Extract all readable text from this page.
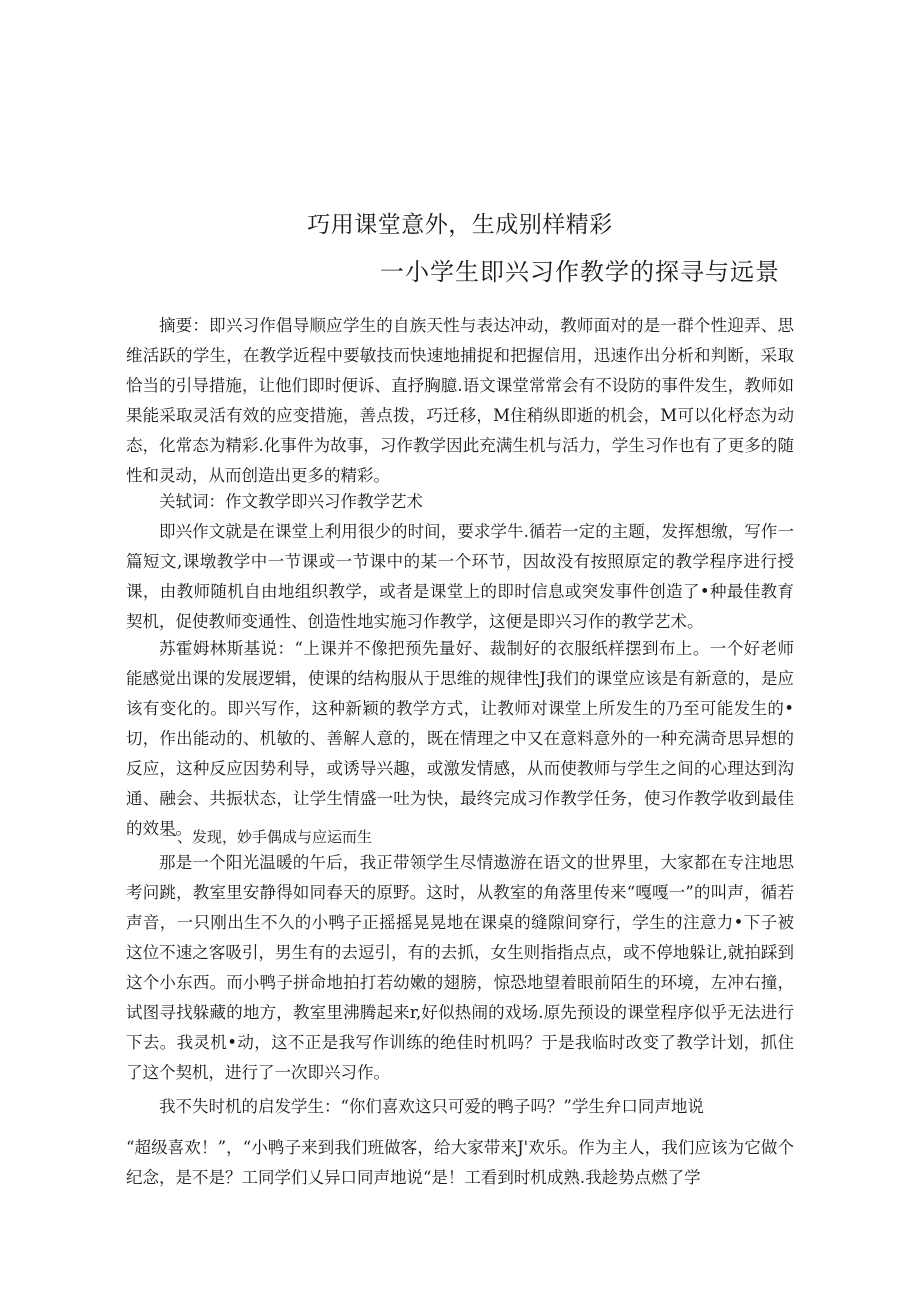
巧用课堂意外，生成别样精彩
一小学生即兴习作教学的探寻与远景

摘要：即兴习作倡导顺应学生的自族天性与表达冲动，教师面对的是一群个性迎弄、思维活跃的学生，在教学近程中要敏技而快速地捕捉和把握信用，迅速作出分析和判断，采取恰当的引导措施，让他们即时便诉、直抒胸臆.语文课堂常常会有不设防的事件发生，教师如果能采取灵活有效的应变措施，善点拨，巧迁移，M住稍纵即逝的机会，M可以化杼态为动态，化常态为精彩.化事件为故事，习作教学因此充满生机与活力，学生习作也有了更多的随性和灵动，从而创造出更多的精彩。

关轼词：作文教学即兴习作教学艺术

即兴作文就是在课堂上利用很少的时间，要求学牛.循若一定的主题，发挥想缴，写作一篇短文,课墩教学中一节课或一节课中的某一个环节，因故没有按照原定的教学程序进行授课，由教师随机自由地组织教学，或者是课堂上的即时信息或突发事件创造了•种最佳教育契机，促使教师变通性、创造性地实施习作教学，这便是即兴习作的教学艺术。

苏霍姆林斯基说：“上课并不像把预先量好、裁制好的衣服纸样摆到布上。一个好老师能感觉出课的发展逻辑，使课的结构服从于思维的规律性J我们的课堂应该是有新意的，是应该有变化的。即兴写作，这种新颖的教学方式，让教师对课堂上所发生的乃至可能发生的•切，作出能动的、机敏的、善解人意的，既在情理之中又在意料意外的一种充满奇思异想的反应，这种反应因势利导，或诱导兴趣，或激发情感，从而使教师与学生之间的心理达到沟通、融会、共振状态，让学生情盛一吐为快，最终完成习作教学任务，使习作教学收到最佳的效果。

一、发现，妙手偶成与应运而生

那是一个阳光温暖的午后，我正带领学生尽情遨游在语文的世界里，大家都在专注地思考问跳，教室里安静得如同春天的原野。这时，从教室的角落里传来“嘎嘎一”的叫声，循若声音，一只刚出生不久的小鸭子正摇摇晃晃地在课桌的缝隙间穿行，学生的注意力•下子被这位不速之客吸引，男生有的去逗引，有的去抓，女生则指指点点，或不停地躲让,就拍踩到这个小东西。而小鸭子拼命地拍打若幼嫩的翅膀，惊恐地望着眼前陌生的环境，左冲右撞，试图寻找躲藏的地方，教室里沸腾起来r,好似热闹的戏场.原先预设的课堂程序似乎无法进行下去。我灵机•动，这不正是我写作训练的绝佳时机吗？于是我临时改变了教学计划，抓住了这个契机，进行了一次即兴习作。

我不失时机的启发学生：“你们喜欢这只可爱的鸭子吗？”学生弁口同声地说

“超级喜欢！”，“小鸭子来到我们班做客，给大家带来J'欢乐。作为主人，我们应该为它做个纪念，是不是？工同学们乂异口同声地说“是！工看到时机成熟.我趁势点燃了学
